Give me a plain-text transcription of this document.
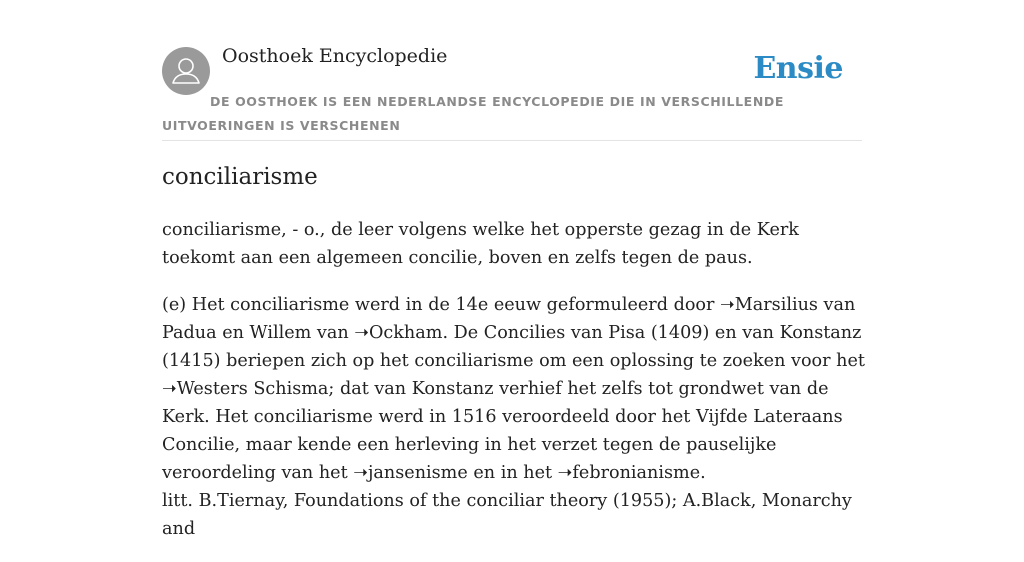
Oosthoek Encyclopedie	Ensie
DE OOSTHOEK IS EEN NEDERLANDSE ENCYCLOPEDIE DIE IN VERSCHILLENDE UITVOERINGEN IS VERSCHENEN
conciliarisme

conciliarisme, - o., de leer volgens welke het opperste gezag in de Kerk toekomt aan een algemeen concilie, boven en zelfs tegen de paus.

(e) Het conciliarisme werd in de 14e eeuw geformuleerd door ➝Marsilius van Padua en Willem van ➝Ockham. De Concilies van Pisa (1409) en van Konstanz (1415) beriepen zich op het conciliarisme om een oplossing te zoeken voor het ➝Westers Schisma; dat van Konstanz verhief het zelfs tot grondwet van de Kerk. Het conciliarisme werd in 1516 veroordeeld door het Vijfde Lateraans Concilie, maar kende een herleving in het verzet tegen de pauselijke veroordeling van het ➝jansenisme en in het ➝febronianisme.

litt. B.Tiernay, Foundations of the conciliar theory (1955); A.Black, Monarchy and
